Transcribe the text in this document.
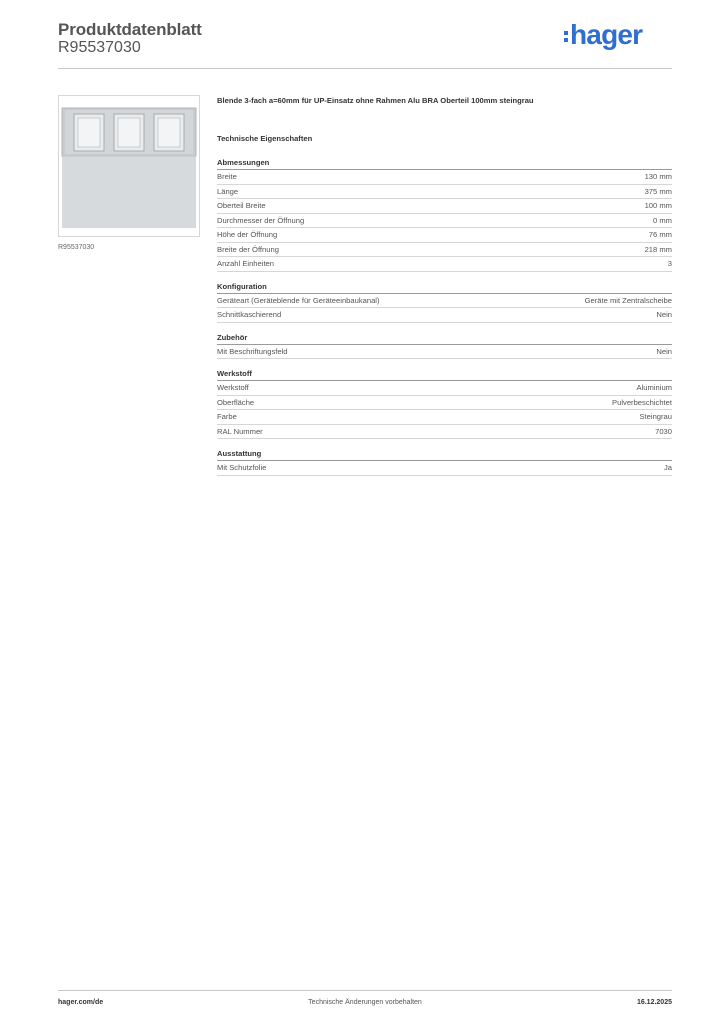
Produktdatenblatt
R95537030	hager
R95537030
Blende 3-fach a=60mm für UP-Einsatz ohne Rahmen Alu BRA Oberteil 100mm steingrau
Technische Eigenschaften
Abmessungen
Breite	130 mm
Länge	375 mm
Oberteil Breite	100 mm
Durchmesser der Öffnung	0 mm
Höhe der Öffnung	76 mm
Breite der Öffnung	218 mm
Anzahl Einheiten	3
Konfiguration
Geräteart (Geräteblende für Geräteeinbaukanal)	Geräte mit Zentralscheibe
Schnittkaschierend	Nein
Zubehör
Mit Beschriftungsfeld	Nein
Werkstoff
Werkstoff	Aluminium
Oberfläche	Pulverbeschichtet
Farbe	Steingrau
RAL Nummer	7030
Ausstattung
Mit Schutzfolie	Ja
hager.com/de	Technische Änderungen vorbehalten	16.12.2025
